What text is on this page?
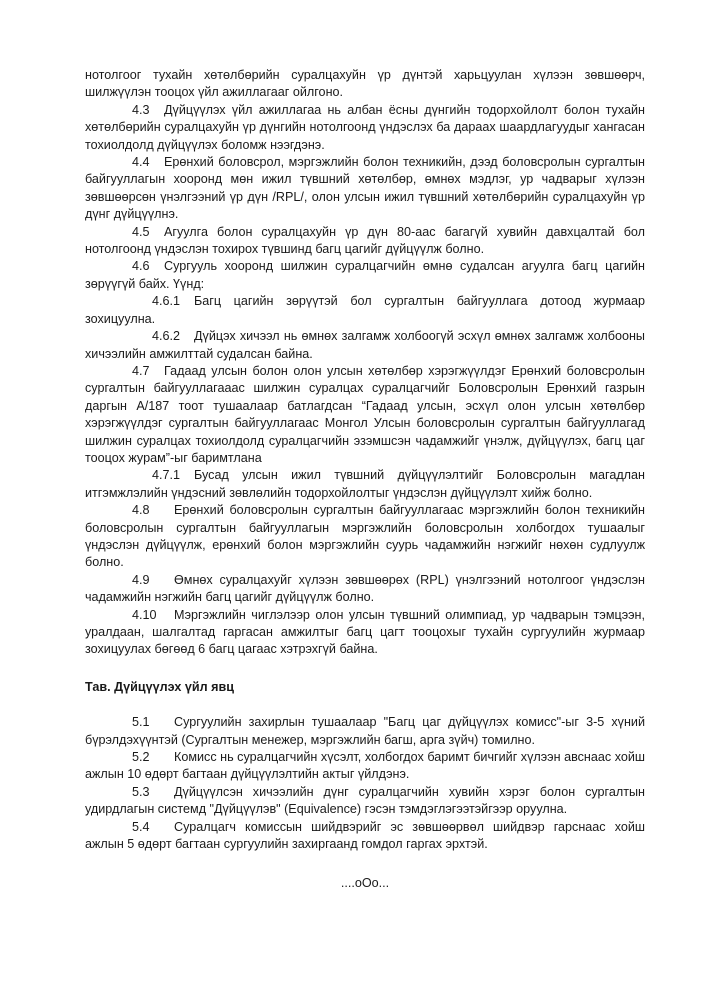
нотолгоог тухайн хөтөлбөрийн суралцахуйн үр дүнтэй харьцуулан хүлээн зөвшөөрч, шилжүүлэн тооцох үйл ажиллагааг ойлгоно.

4.3 Дүйцүүлэх үйл ажиллагаа нь албан ёсны дүнгийн тодорхойлолт болон тухайн хөтөлбөрийн суралцахуйн үр дүнгийн нотолгоонд үндэслэх ба дараах шаардлагуудыг хангасан тохиолдолд дүйцүүлэх боломж нээгдэнэ.

4.4 Ерөнхий боловсрол, мэргэжлийн болон техникийн, дээд боловсролын сургалтын байгууллагын хооронд мөн ижил түвшний хөтөлбөр, өмнөх мэдлэг, ур чадварыг хүлээн зөвшөөрсөн үнэлгээний үр дүн /RPL/, олон улсын ижил түвшний хөтөлбөрийн суралцахуйн үр дүнг дүйцүүлнэ.

4.5 Агуулга болон суралцахуйн үр дүн 80-аас багагүй хувийн давхцалтай бол нотолгоонд үндэслэн тохирох түвшинд багц цагийг дүйцүүлж болно.

4.6 Сургууль хооронд шилжин суралцагчийн өмнө судалсан агуулга багц цагийн зөрүүгүй байх. Үүнд:

4.6.1 Багц цагийн зөрүүтэй бол сургалтын байгууллага дотоод журмаар зохицуулна.

4.6.2 Дүйцэх хичээл нь өмнөх залгамж холбоогүй эсхүл өмнөх залгамж холбооны хичээлийн амжилттай судалсан байна.

4.7 Гадаад улсын болон олон улсын хөтөлбөр хэрэгжүүлдэг Ерөнхий боловсролын сургалтын байгууллагааас шилжин суралцах суралцагчийг Боловсролын Ерөнхий газрын даргын А/187 тоот тушаалаар батлагдсан “Гадаад улсын, эсхүл олон улсын хөтөлбөр хэрэгжүүлдэг сургалтын байгууллагаас Монгол Улсын боловсролын сургалтын байгууллагад шилжин суралцах тохиолдолд суралцагчийн эзэмшсэн чадамжийг үнэлж, дүйцүүлэх, багц цаг тооцох журам”-ыг баримтлана

4.7.1 Бусад улсын ижил түвшний дүйцүүлэлтийг Боловсролын магадлан итгэмжлэлийн үндэсний зөвлөлийн тодорхойлолтыг үндэслэн дүйцүүлэлт хийж болно.

4.8 Ерөнхий боловсролын сургалтын байгууллагаас мэргэжлийн болон техникийн боловсролын сургалтын байгууллагын мэргэжлийн боловсролын холбогдох тушаалыг үндэслэн дүйцүүлж, ерөнхий болон мэргэжлийн суурь чадамжийн нэгжийг нөхөн судлуулж болно.

4.9 Өмнөх суралцахуйг хүлээн зөвшөөрөх (RPL) үнэлгээний нотолгоог үндэслэн чадамжийн нэгжийн багц цагийг дүйцүүлж болно.

4.10 Мэргэжлийн чиглэлээр олон улсын түвшний олимпиад, ур чадварын тэмцээн, уралдаан, шалгалтад гаргасан амжилтыг багц цагт тооцохыг тухайн сургуулийн журмаар зохицуулах бөгөөд 6 багц цагаас хэтрэхгүй байна.

Тав. Дүйцүүлэх үйл явц

5.1 Сургуулийн захирлын тушаалаар "Багц цаг дүйцүүлэх комисс"-ыг 3-5 хүний бүрэлдэхүүнтэй (Сургалтын менежер, мэргэжлийн багш, арга зүйч) томилно.

5.2 Комисс нь суралцагчийн хүсэлт, холбогдох баримт бичгийг хүлээн авснаас хойш ажлын 10 өдөрт багтаан дүйцүүлэлтийн актыг үйлдэнэ.

5.3 Дүйцүүлсэн хичээлийн дүнг суралцагчийн хувийн хэрэг болон сургалтын удирдлагын системд "Дүйцүүлэв" (Equivalence) гэсэн тэмдэглэгээтэйгээр оруулна.

5.4 Суралцагч комиссын шийдвэрийг эс зөвшөөрвөл шийдвэр гарснаас хойш ажлын 5 өдөрт багтаан сургуулийн захиргаанд гомдол гаргах эрхтэй.

....oOo...
